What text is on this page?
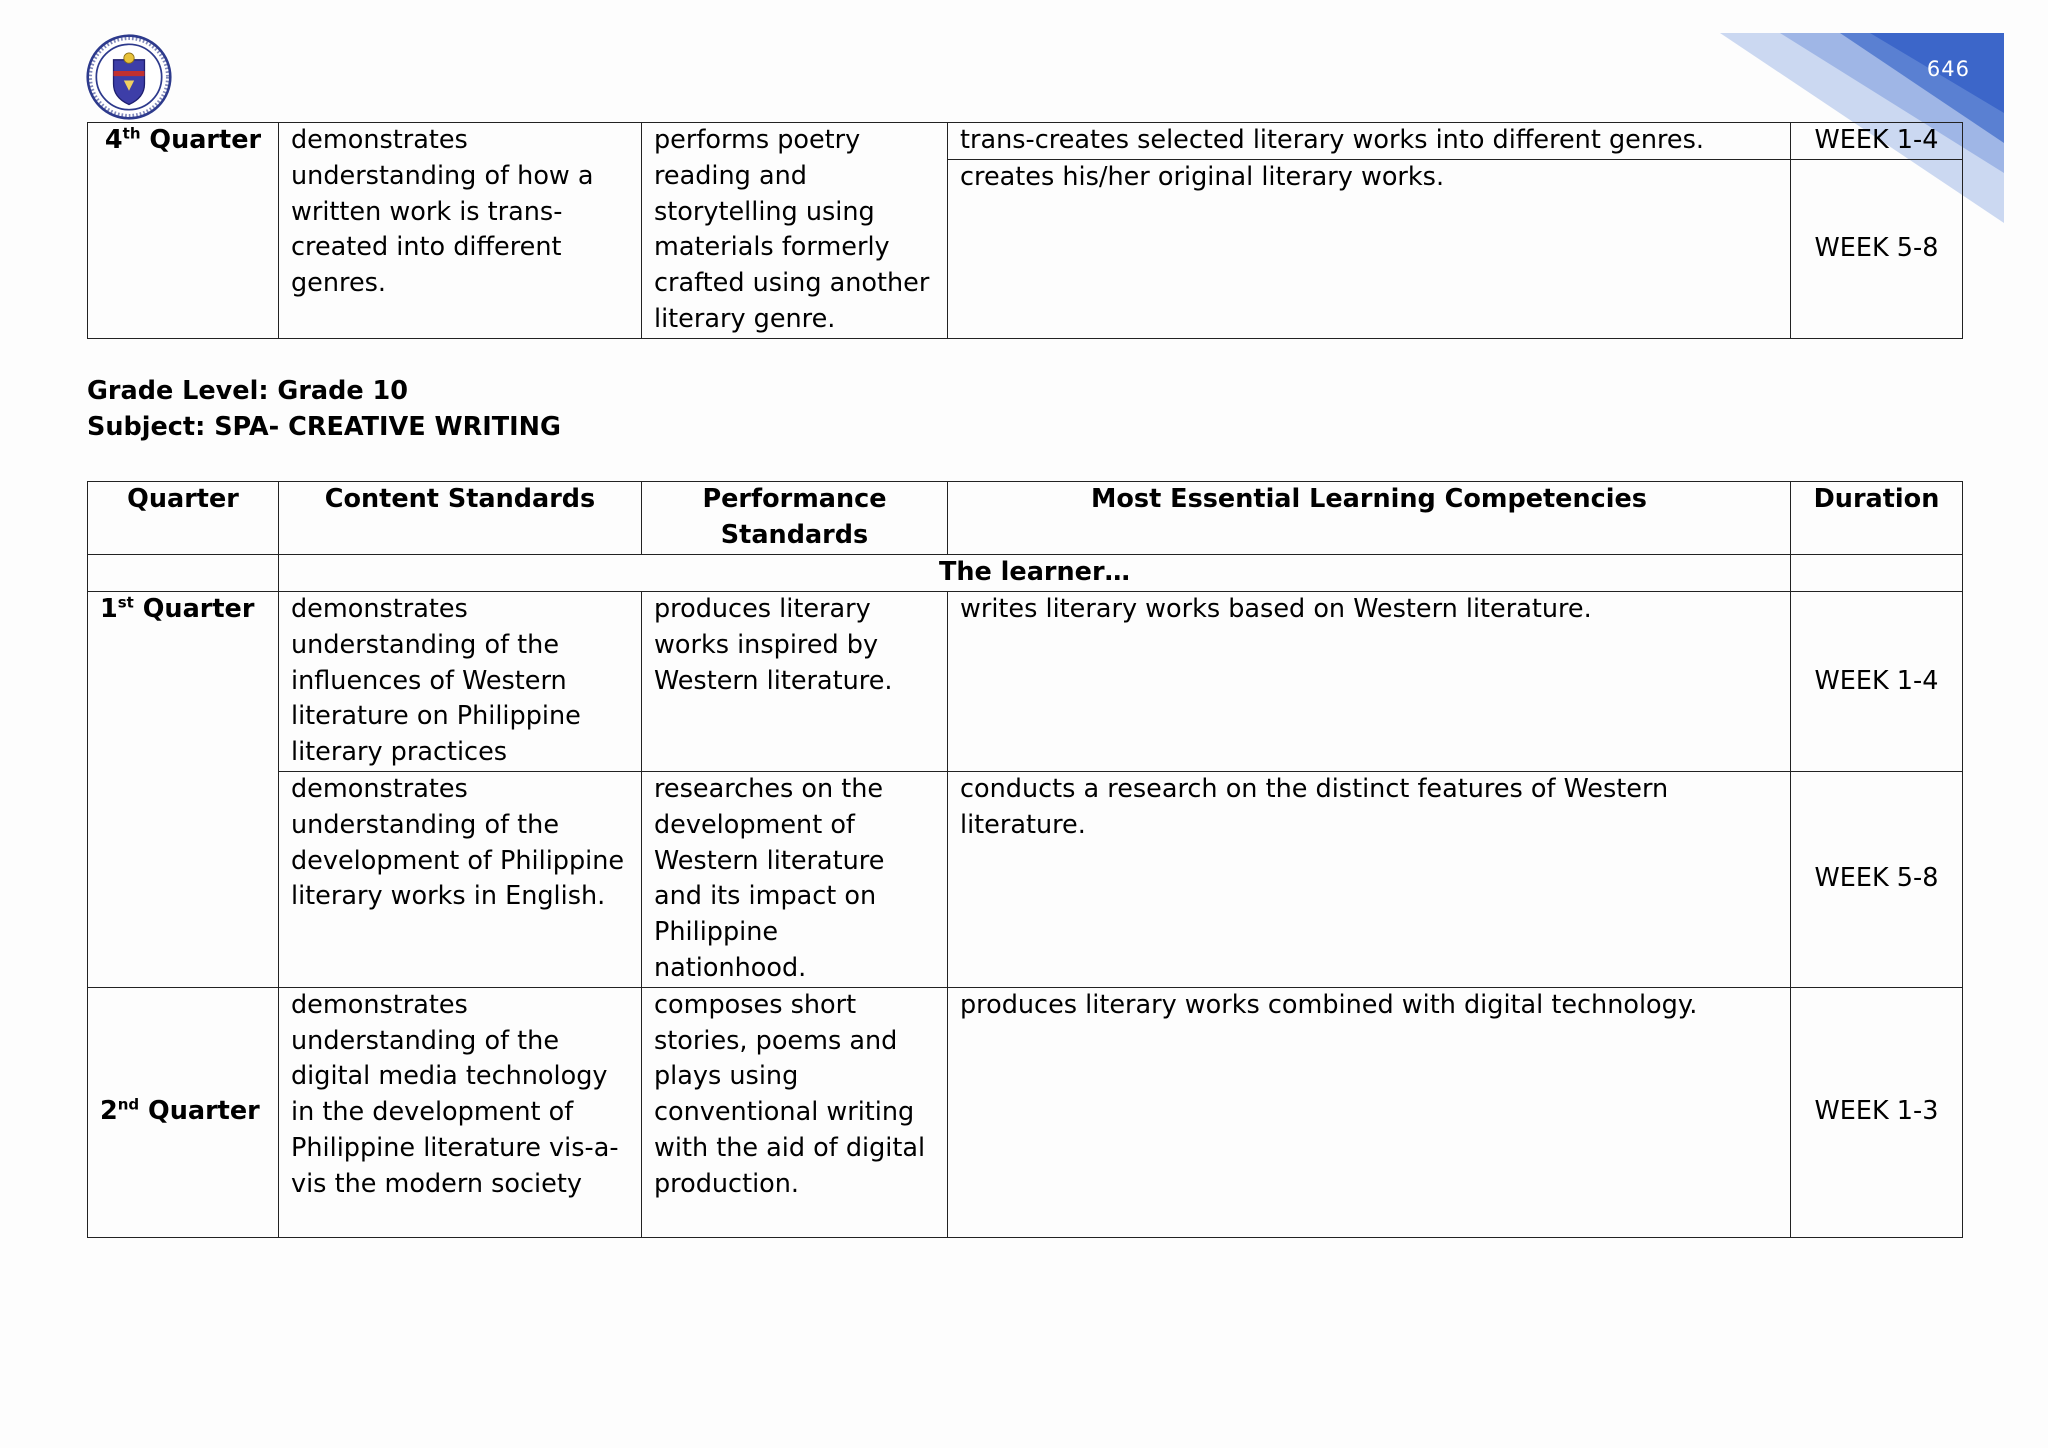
646
4th Quarter	demonstrates understanding of how a written work is trans-created into different genres.	performs poetry reading and storytelling using materials formerly crafted using another literary genre.	trans-creates selected literary works into different genres.	WEEK 1-4
			creates his/her original literary works.	WEEK 5-8
Grade Level: Grade 10
Subject: SPA- CREATIVE WRITING
Quarter	Content Standards	Performance Standards	Most Essential Learning Competencies	Duration
	The learner…			
1st Quarter	demonstrates understanding of the influences of Western literature on Philippine literary practices	produces literary works inspired by Western literature.	writes literary works based on Western literature.	WEEK 1-4
	demonstrates understanding of the development of Philippine literary works in English.	researches on the development of Western literature and its impact on Philippine nationhood.	conducts a research on the distinct features of Western literature.	WEEK 5-8
2nd Quarter	demonstrates understanding of the digital media technology in the development of Philippine literature vis-a-vis the modern society	composes short stories, poems and plays using conventional writing with the aid of digital production.	produces literary works combined with digital technology.	WEEK 1-3
